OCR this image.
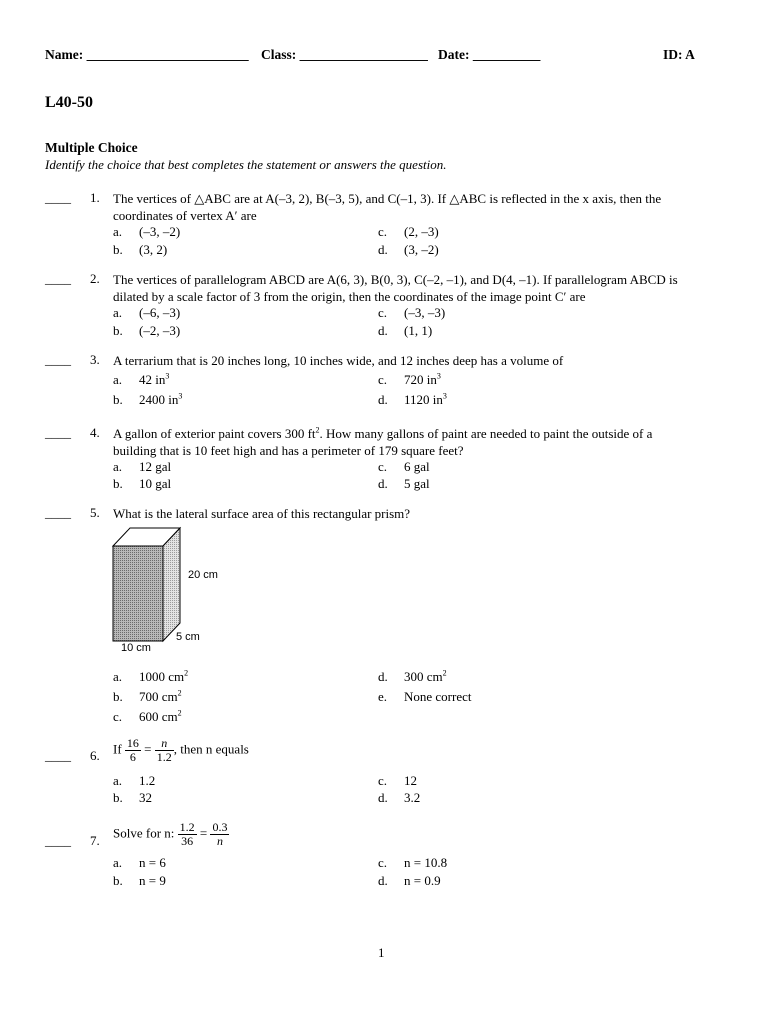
Name: ________________________ Class: ___________________ Date: __________	ID: A
L40-50
Multiple Choice
Identify the choice that best completes the statement or answers the question.
____ 1. The vertices of △ABC are at A(–3, 2), B(–3, 5), and C(–1, 3). If △ABC is reflected in the x axis, then the
coordinates of vertex A′ are
a. (–3, –2)
b. (3, 2)
c. (2, –3)
d. (3, –2)
____ 2. The vertices of parallelogram ABCD are A(6, 3), B(0, 3), C(–2, –1), and D(4, –1). If parallelogram ABCD is
dilated by a scale factor of 3 from the origin, then the coordinates of the image point C′ are
a. (–6, –3)
b. (–2, –3)
c. (–3, –3)
d. (1, 1)
____ 3. A terrarium that is 20 inches long, 10 inches wide, and 12 inches deep has a volume of
a. 42 $in^3$
b. 2400 $in^3$
c. 720 $in^3$
d. 1120 $in^3$
____ 4. A gallon of exterior paint covers 300 $ft^2$. How many gallons of paint are needed to paint the outside of a
building that is 10 feet high and has a perimeter of 179 square feet?
a. 12 gal
b. 10 gal
c. 6 gal
d. 5 gal
____ 5. What is the lateral surface area of this rectangular prism?
20 cm
5 cm
10 cm
a. 1000 $cm^2$
b. 700 $cm^2$
c. 600 $cm^2$
d. 300 $cm^2$
e. None correct
____ 6. If $\frac{16}{6} = \frac{n}{1.2}$ , then n equals
a. 1.2
b. 32
c. 12
d. 3.2
____ 7.
Solve for n: $\frac{1.2}{36} = \frac{0.3}{n}$
a. n = 6
b. n = 9
c. n = 10.8
d. n = 0.9
1
